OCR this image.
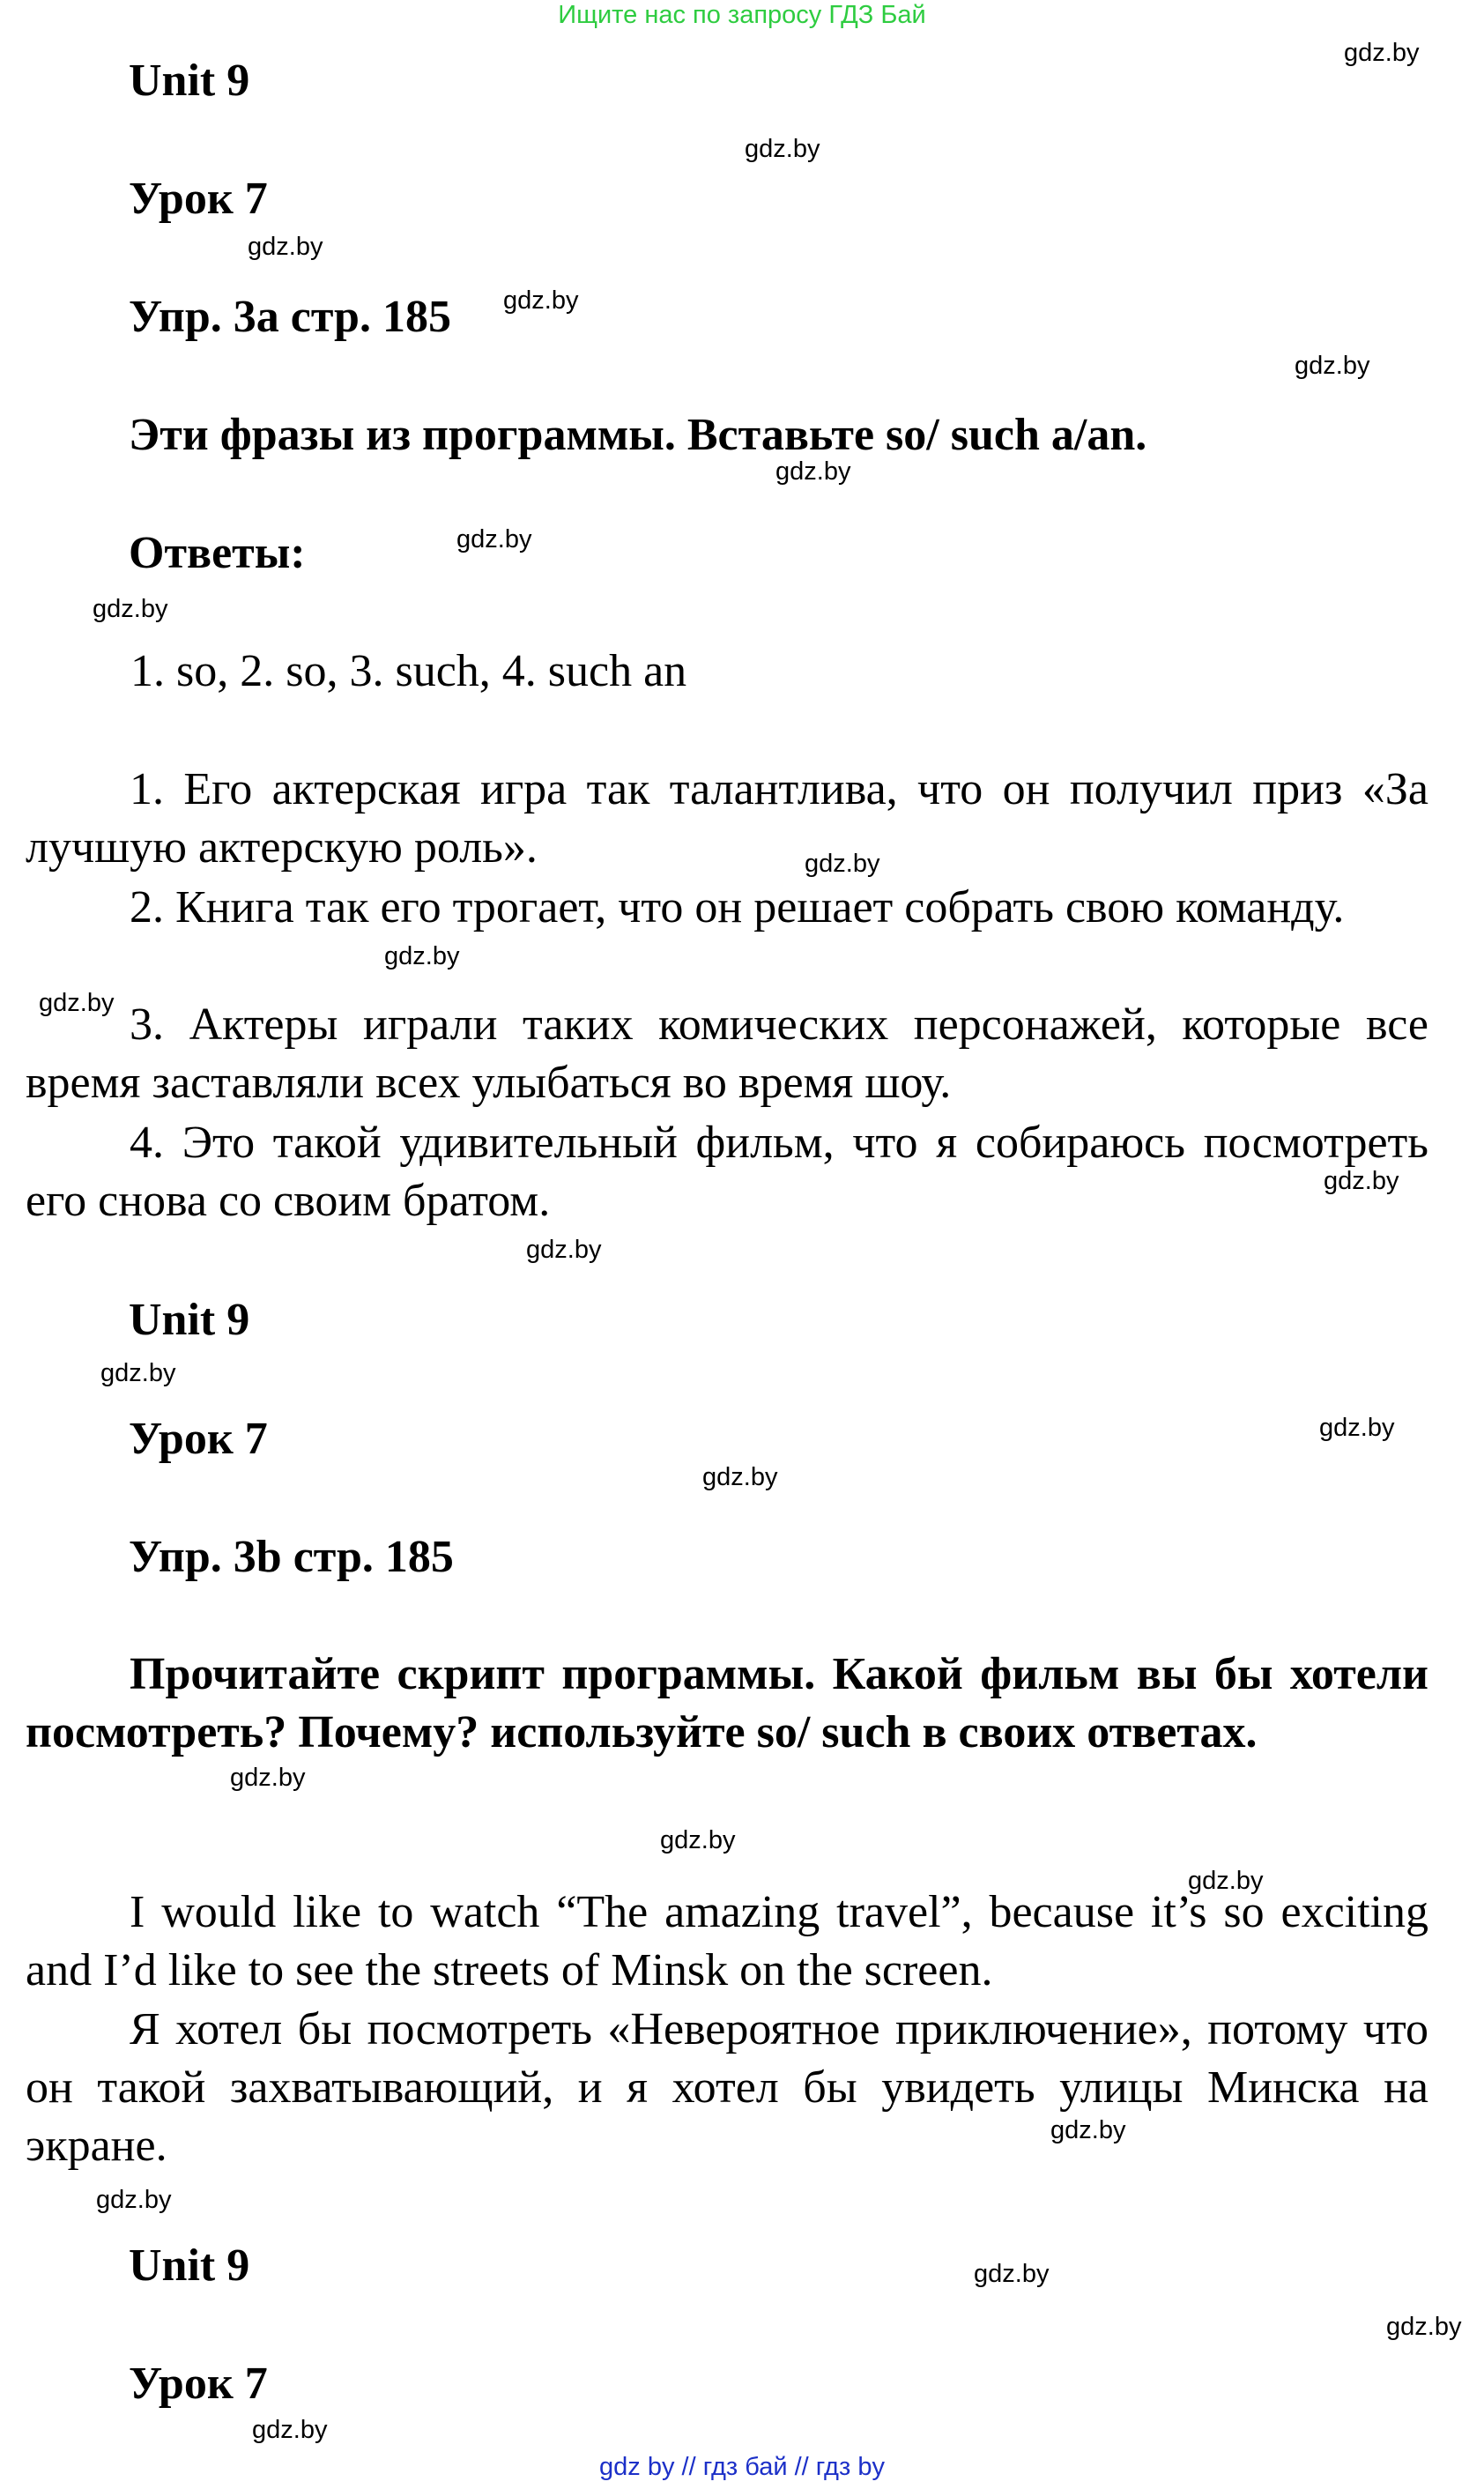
Ищите нас по запросу ГДЗ Бай
Unit 9
Урок 7
Упр. 3a стр. 185
Эти фразы из программы. Вставьте so/ such a/an.
Ответы:
1. so, 2. so, 3. such, 4. such an

1. Его актерская игра так талантлива, что он получил приз «За лучшую актерскую роль».

2. Книга так его трогает, что он решает собрать свою команду.

3. Актеры играли таких комических персонажей, которые все время заставляли всех улыбаться во время шоу.

4. Это такой удивительный фильм, что я собираюсь посмотреть его снова со своим братом.

Unit 9
Урок 7
Упр. 3b стр. 185
Прочитайте скрипт программы. Какой фильм вы бы хотели посмотреть? Почему? используйте so/ such в своих ответах.

I would like to watch “The amazing travel”, because it’s so exciting and I’d like to see the streets of Minsk on the screen.

Я хотел бы посмотреть «Невероятное приключение», потому что он такой захватывающий, и я хотел бы увидеть улицы Минска на экране.

Unit 9
Урок 7
gdz.by
gdz.by
gdz.by
gdz.by
gdz.by
gdz.by
gdz.by
gdz.by
gdz.by
gdz.by
gdz.by
gdz.by
gdz.by
gdz.by
gdz.by
gdz.by
gdz.by
gdz.by
gdz.by
gdz.by
gdz.by
gdz.by
gdz.by
gdz.by
gdz by // гдз бай // гдз by
